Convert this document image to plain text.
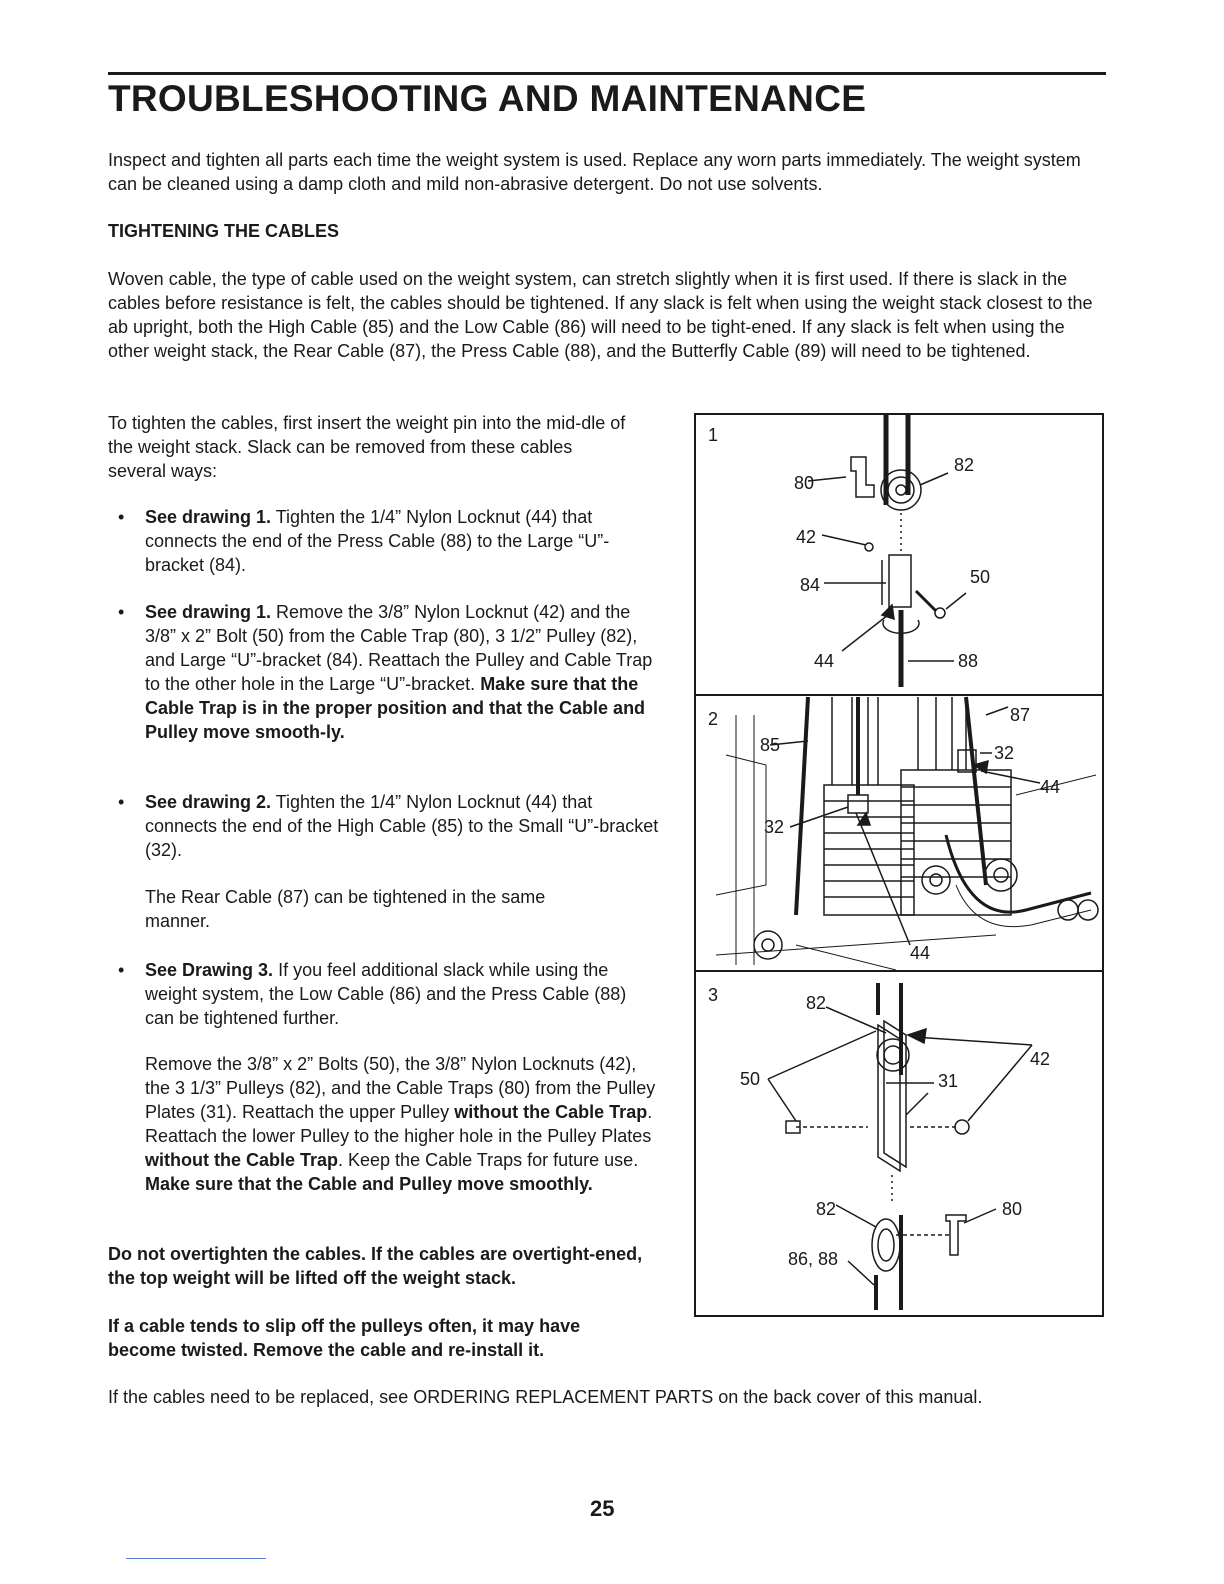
TROUBLESHOOTING AND MAINTENANCE

Inspect and tighten all parts each time the weight system is used. Replace any worn parts immediately. The weight system can be cleaned using a damp cloth and mild non-abrasive detergent. Do not use solvents.

TIGHTENING THE CABLES

Woven cable, the type of cable used on the weight system, can stretch slightly when it is first used. If there is slack in the cables before resistance is felt, the cables should be tightened. If any slack is felt when using the weight stack closest to the ab upright, both the High Cable (85) and the Low Cable (86) will need to be tight-ened. If any slack is felt when using the other weight stack, the Rear Cable (87), the Press Cable (88), and the Butterfly Cable (89) will need to be tightened.

To tighten the cables, first insert the weight pin into the mid-dle of the weight stack. Slack can be removed from these cables several ways:

• See drawing 1. Tighten the 1/4” Nylon Locknut (44) that connects the end of the Press Cable (88) to the Large “U”-bracket (84).

• See drawing 1. Remove the 3/8” Nylon Locknut (42) and the 3/8” x 2” Bolt (50) from the Cable Trap (80), 3 1/2” Pulley (82), and Large “U”-bracket (84). Reattach the Pulley and Cable Trap to the other hole in the Large “U”-bracket. Make sure that the Cable Trap is in the proper position and that the Cable and Pulley move smooth-ly.

• See drawing 2. Tighten the 1/4” Nylon Locknut (44) that connects the end of the High Cable (85) to the Small “U”-bracket (32).

The Rear Cable (87) can be tightened in the same manner.

• See Drawing 3. If you feel additional slack while using the weight system, the Low Cable (86) and the Press Cable (88) can be tightened further.

Remove the 3/8” x 2” Bolts (50), the 3/8” Nylon Locknuts (42), the 3 1/3” Pulleys (82), and the Cable Traps (80) from the Pulley Plates (31). Reattach the upper Pulley without the Cable Trap. Reattach the lower Pulley to the higher hole in the Pulley Plates without the Cable Trap. Keep the Cable Traps for future use. Make sure that the Cable and Pulley move smoothly.

Do not overtighten the cables. If the cables are overtight-ened, the top weight will be lifted off the weight stack.

If a cable tends to slip off the pulleys often, it may have become twisted. Remove the cable and re-install it.

If the cables need to be replaced, see ORDERING REPLACEMENT PARTS on the back cover of this manual.

1
80
82
42
84	50
44	88
2
85
87
32
44
32
44
3	82
42
50	31
82	80
86, 88

25
